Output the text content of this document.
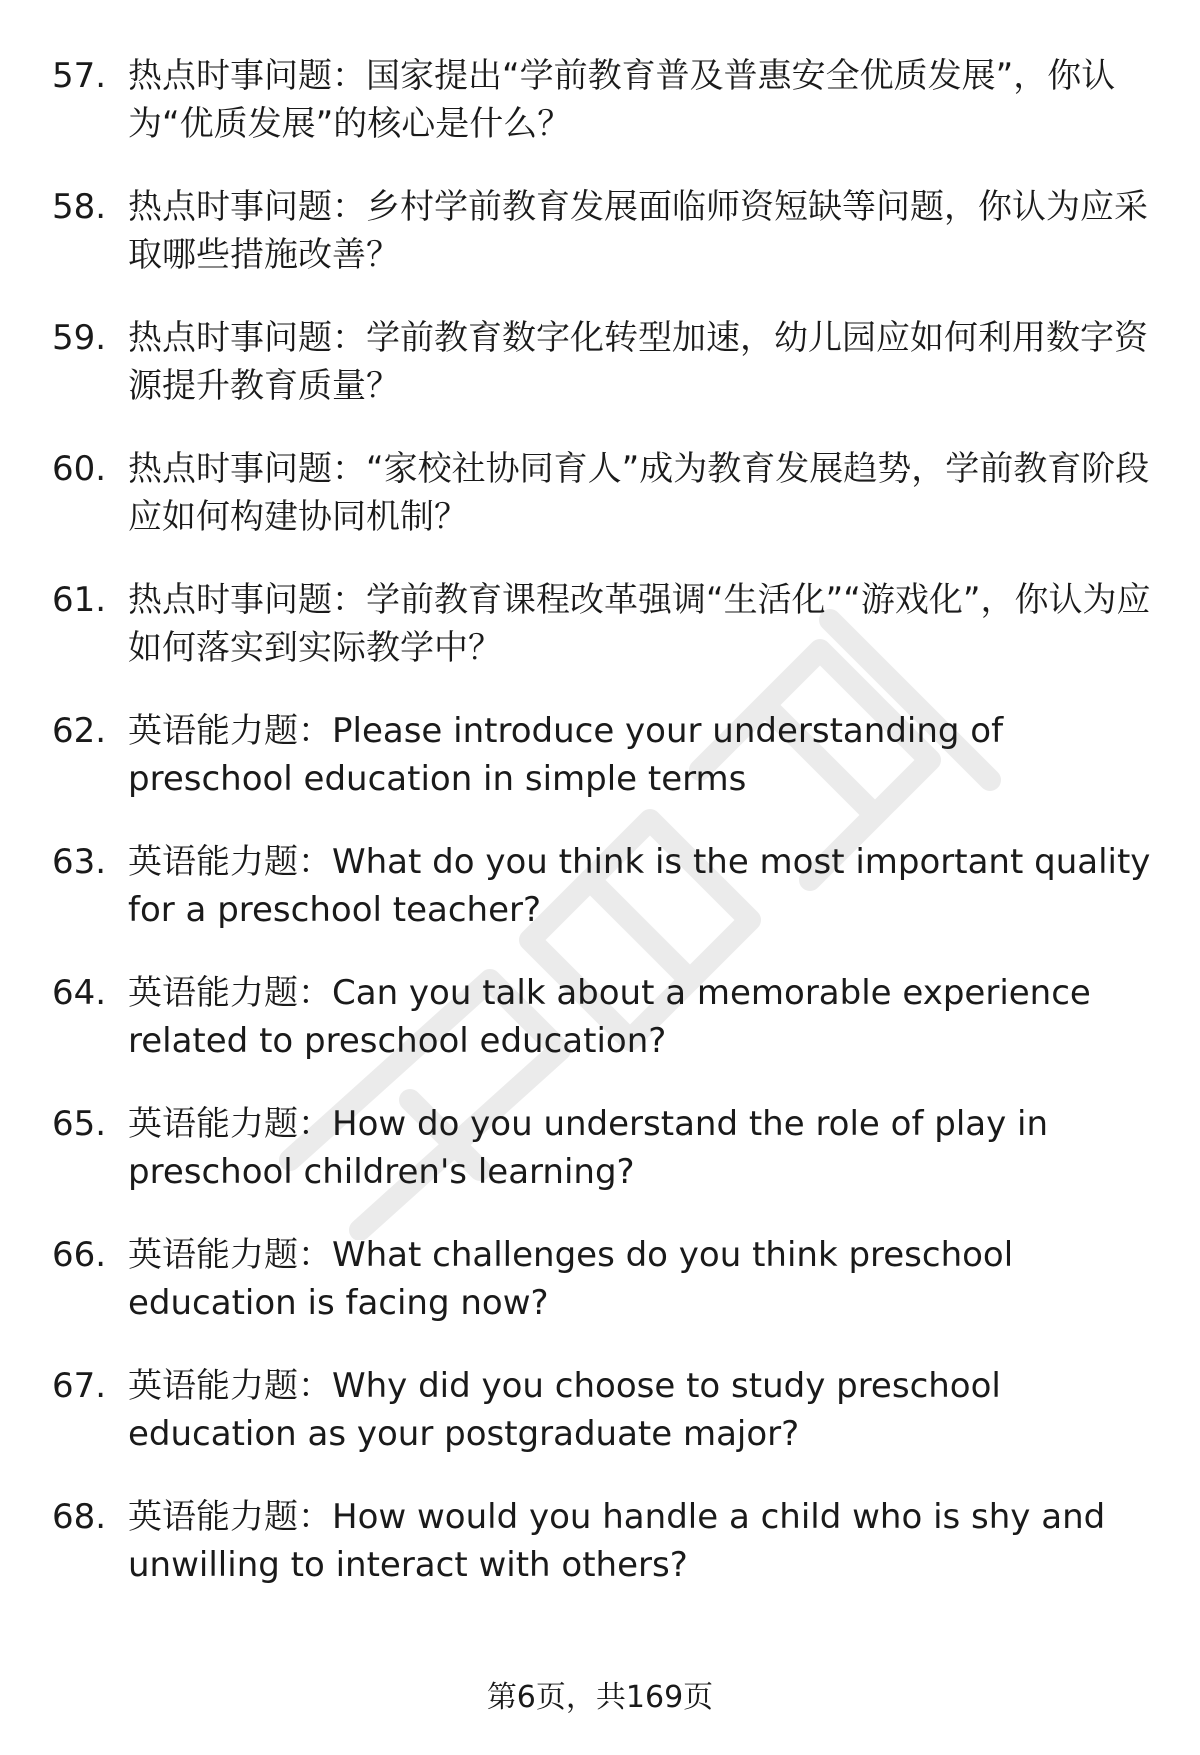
57. 热点时事问题：国家提出“学前教育普及普惠安全优质发展”，你认为“优质发展”的核心是什么？
58. 热点时事问题：乡村学前教育发展面临师资短缺等问题，你认为应采取哪些措施改善？
59. 热点时事问题：学前教育数字化转型加速，幼儿园应如何利用数字资源提升教育质量？
60. 热点时事问题：“家校社协同育人”成为教育发展趋势，学前教育阶段应如何构建协同机制？
61. 热点时事问题：学前教育课程改革强调“生活化”“游戏化”，你认为应如何落实到实际教学中？
62. 英语能力题：Please introduce your understanding of preschool education in simple terms
63. 英语能力题：What do you think is the most important quality for a preschool teacher?
64. 英语能力题：Can you talk about a memorable experience related to preschool education?
65. 英语能力题：How do you understand the role of play in preschool children's learning?
66. 英语能力题：What challenges do you think preschool education is facing now?
67. 英语能力题：Why did you choose to study preschool education as your postgraduate major?
68. 英语能力题：How would you handle a child who is shy and unwilling to interact with others?
第6页，共169页
